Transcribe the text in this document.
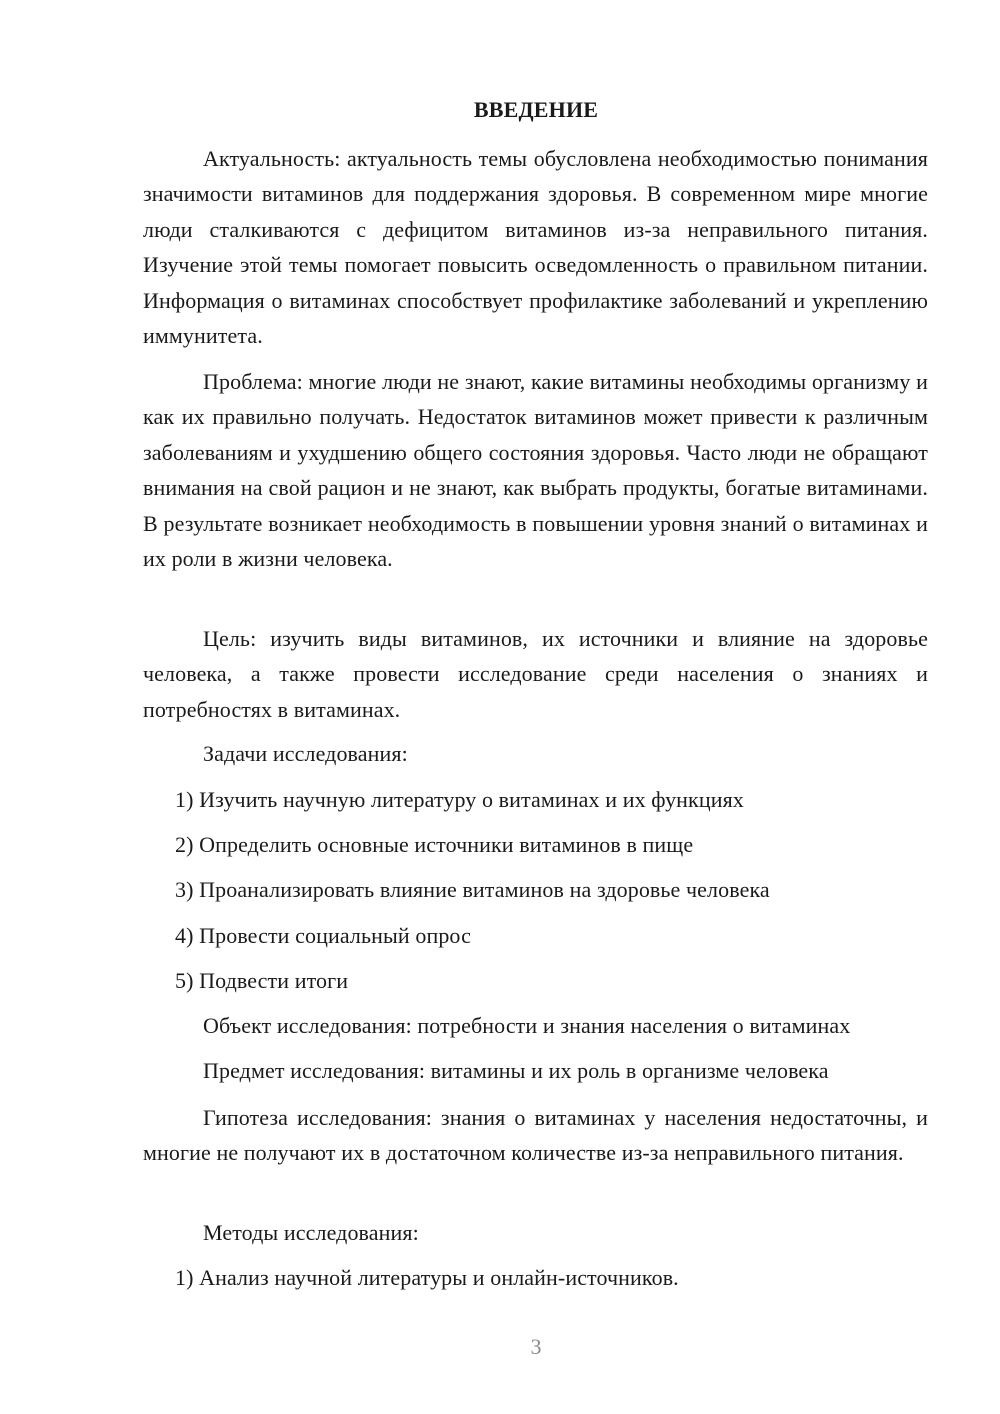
ВВЕДЕНИЕ

Актуальность: актуальность темы обусловлена необходимостью понимания значимости витаминов для поддержания здоровья. В современном мире многие люди сталкиваются с дефицитом витаминов из-за неправильного питания. Изучение этой темы помогает повысить осведомленность о правильном питании. Информация о витаминах способствует профилактике заболеваний и укреплению иммунитета.

Проблема: многие люди не знают, какие витамины необходимы организму и как их правильно получать. Недостаток витаминов может привести к различным заболеваниям и ухудшению общего состояния здоровья. Часто люди не обращают внимания на свой рацион и не знают, как выбрать продукты, богатые витаминами. В результате возникает необходимость в повышении уровня знаний о витаминах и их роли в жизни человека.

Цель: изучить виды витаминов, их источники и влияние на здоровье человека, а также провести исследование среди населения о знаниях и потребностях в витаминах.

Задачи исследования:
1) Изучить научную литературу о витаминах и их функциях
2) Определить основные источники витаминов в пище
3) Проанализировать влияние витаминов на здоровье человека
4) Провести социальный опрос
5) Подвести итоги
Объект исследования: потребности и знания населения о витаминах
Предмет исследования: витамины и их роль в организме человека

Гипотеза исследования: знания о витаминах у населения недостаточны, и многие не получают их в достаточном количестве из-за неправильного питания.

Методы исследования:
1) Анализ научной литературы и онлайн-источников.
3
